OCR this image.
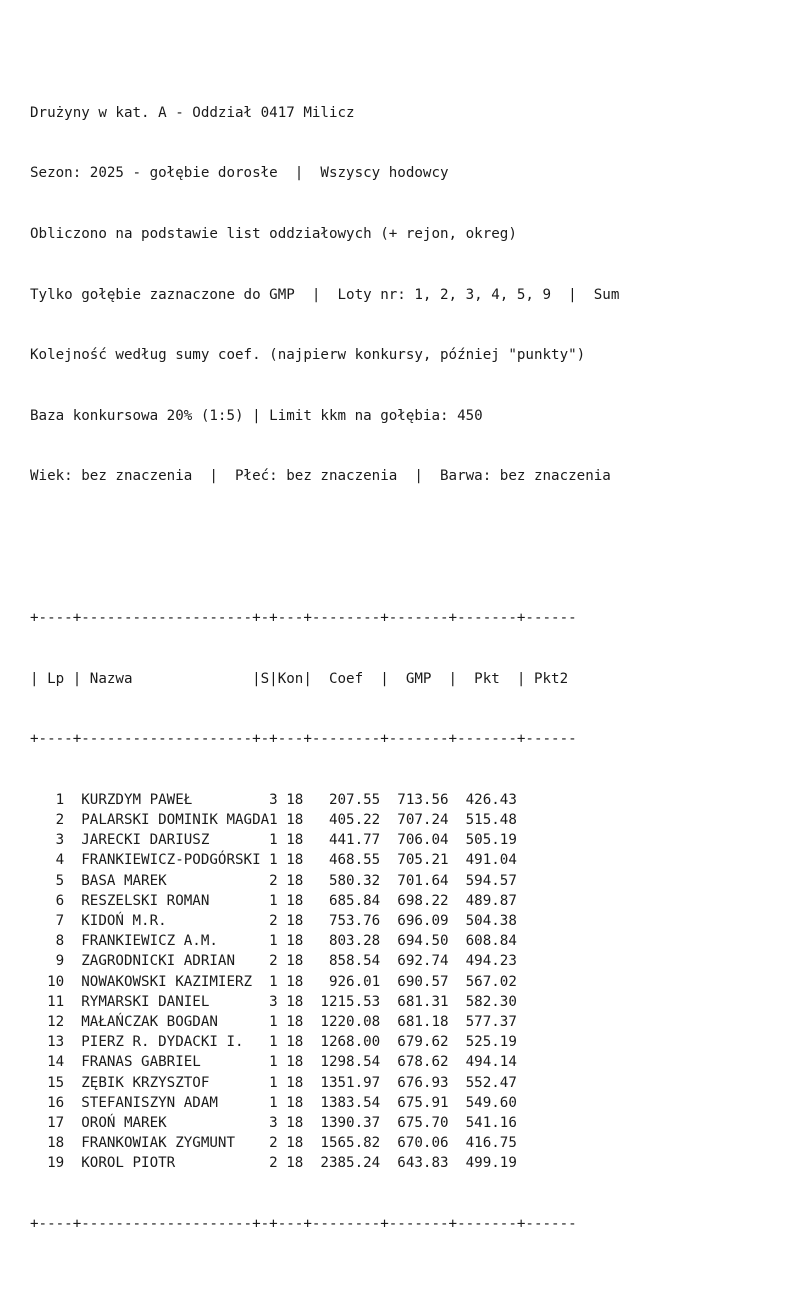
Drużyny w kat. A - Oddział 0417 Milicz

Sezon: 2025 - gołębie dorosłe  |  Wszyscy hodowcy

Obliczono na podstawie list oddziałowych (+ rejon, okreg)

Tylko gołębie zaznaczone do GMP  |  Loty nr: 1, 2, 3, 4, 5, 9  |  Sum

Kolejność według sumy coef. (najpierw konkursy, później "punkty")

Baza konkursowa 20% (1:5) | Limit kkm na gołębia: 450

Wiek: bez znaczenia  |  Płeć: bez znaczenia  |  Barwa: bez znaczenia

+----+--------------------+-+---+--------+-------+-------+------

| Lp | Nazwa              |S|Kon|  Coef  |  GMP  |  Pkt  | Pkt2

+----+--------------------+-+---+--------+-------+-------+------

1  KURZDYM PAWEŁ         3 18   207.55  713.56  426.43
2  PALARSKI DOMINIK MAGDA1 18   405.22  707.24  515.48
3  JARECKI DARIUSZ       1 18   441.77  706.04  505.19
4  FRANKIEWICZ-PODGÓRSKI 1 18   468.55  705.21  491.04
5  BASA MAREK            2 18   580.32  701.64  594.57
6  RESZELSKI ROMAN       1 18   685.84  698.22  489.87
7  KIDOŃ M.R.            2 18   753.76  696.09  504.38
8  FRANKIEWICZ A.M.      1 18   803.28  694.50  608.84
9  ZAGRODNICKI ADRIAN    2 18   858.54  692.74  494.23
10  NOWAKOWSKI KAZIMIERZ  1 18   926.01  690.57  567.02
11  RYMARSKI DANIEL       3 18  1215.53  681.31  582.30
12  MAŁAŃCZAK BOGDAN      1 18  1220.08  681.18  577.37
13  PIERZ R. DYDACKI I.   1 18  1268.00  679.62  525.19
14  FRANAS GABRIEL        1 18  1298.54  678.62  494.14
15  ZĘBIK KRZYSZTOF       1 18  1351.97  676.93  552.47
16  STEFANISZYN ADAM      1 18  1383.54  675.91  549.60
17  OROŃ MAREK            3 18  1390.37  675.70  541.16
18  FRANKOWIAK ZYGMUNT    2 18  1565.82  670.06  416.75
19  KOROL PIOTR           2 18  2385.24  643.83  499.19

+----+--------------------+-+---+--------+-------+-------+------
